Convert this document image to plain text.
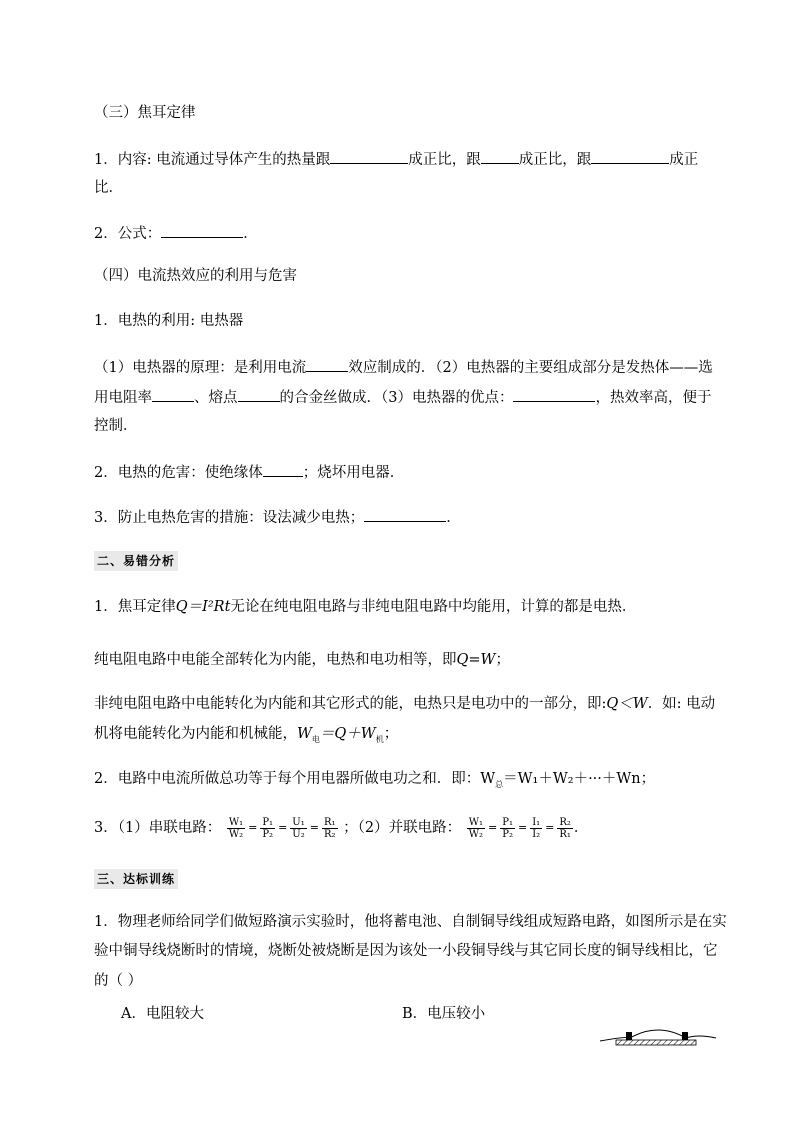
（三）焦耳定律
1．内容: 电流通过导体产生的热量跟	成正比，跟	成正比，跟	成正
比．
2．公式：	．
（四）电流热效应的利用与危害
1．电热的利用: 电热器
（1）电热器的原理：是利用电流	效应制成的．（2）电热器的主要组成部分是发热体——选
用电阻率	、熔点	的合金丝做成．（3）电热器的优点：	，热效率高，便于
控制．
2．电热的危害：使绝缘体	；烧坏用电器．
3．防止电热危害的措施：设法减少电热；	．
二、易错分析
1．焦耳定律Q＝I²Rt无论在纯电阻电路与非纯电阻电路中均能用，计算的都是电热．
纯电阻电路中电能全部转化为内能，电热和电功相等，即Q=W；
非纯电阻电路中电能转化为内能和其它形式的能，电热只是电功中的一部分，即:Q＜W．如: 电动
机将电能转化为内能和机械能，$W_电=Q+W_机$；
2．电路中电流所做总功等于每个用电器所做电功之和．即：$W_总=W_1+W_2+\cdot\cdot\cdot+Wn$；
3．（1）串联电路： $\frac{\text{W₁}}{\text{W₂}} = \frac{\text{P₁}}{\text{P₂}} = \frac{\text{U₁}}{\text{U₂}} = \frac{\text{R₁}}{\text{R₂}}$ ；（2）并联电路： $\frac{\text{W₁}}{\text{W₂}} = \frac{\text{P₁}}{\text{P₂}} = \frac{\text{I₁}}{\text{I₂}} = \frac{\text{R₂}}{\text{R₁}}$ ．
三、达标训练
1．物理老师给同学们做短路演示实验时，他将蓄电池、自制铜导线组成短路电路，如图所示是在实
验中铜导线烧断时的情境，烧断处被烧断是因为该处一小段铜导线与其它同长度的铜导线相比，它
的（ ）
A．电阻较大	B．电压较小
